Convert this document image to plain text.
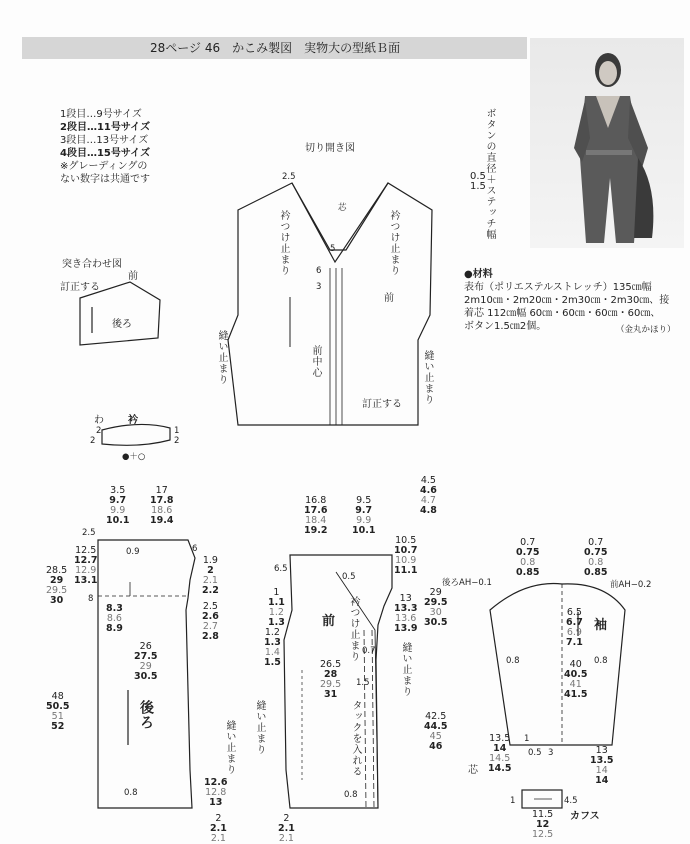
28ページ 46　かこみ製図　実物大の型紙Ｂ面
1段目…9号サイズ
2段目…11号サイズ
3段目…13号サイズ
4段目…15号サイズ
※グレーディングの
ない数字は共通です	ボタンの直径＋ステッチ幅
0.5
1.5
●材料
表布（ポリエステルストレッチ）135㎝幅
2m10㎝・2m20㎝・2m30㎝・2m30㎝、接
着芯 112㎝幅 60㎝・60㎝・60㎝・60㎝、
ボタン1.5㎝2個。	（金丸かほり）
切り開き図
2.5
芯
衿つけ止まり	衿つけ止まり
前
前中心
縫い止まり	縫い止まり
訂正する
6
5
3
突き合わせ図
前
訂正する
後ろ
わ 衿
2
2
1
2
●＋○
3.5
9.7
9.9
10.1
17
17.8
18.6
19.4
2.5
12.5
12.7
12.9
13.1
0.9
28.5
29
29.5
30
6
1.9
2
2.1
2.2
2.5
2.6
2.7
2.8
8
8.3
8.6
8.9
26
27.5
29
30.5
48
50.5
51
52	後ろ
縫い止まり
12.6
12.8
13
0.8
2
2.1
2.1
16.8
17.6
18.4
19.2
9.5
9.7
9.9
10.1
4.5
4.6
4.7
4.8
6.5
0.5
10.5
10.7
10.9
11.1
1
1.1
1.2
1.3
1.2
1.3
1.4
1.5
前 衿つけ止まり	13
13.3
13.6
13.9
29
29.5
30
30.5
縫い止まり
26.5
28
29.5
31
1.5
0.7
タックを入れる
縫い止まり	42.5
44.5
45
46
0.8
2
2.1
2.1
0.7
0.75
0.8
0.85
0.7
0.75
0.8
0.85
後ろAH−0.1	前AH−0.2
袖
6.5
6.7
6.9
7.1
0.8	0.8
40
40.5
41
41.5
13.5
14
14.5
14.5
0.5 3
1
13
13.5
14
14
芯
1	4.5
11.5
12
12.5
カフス
